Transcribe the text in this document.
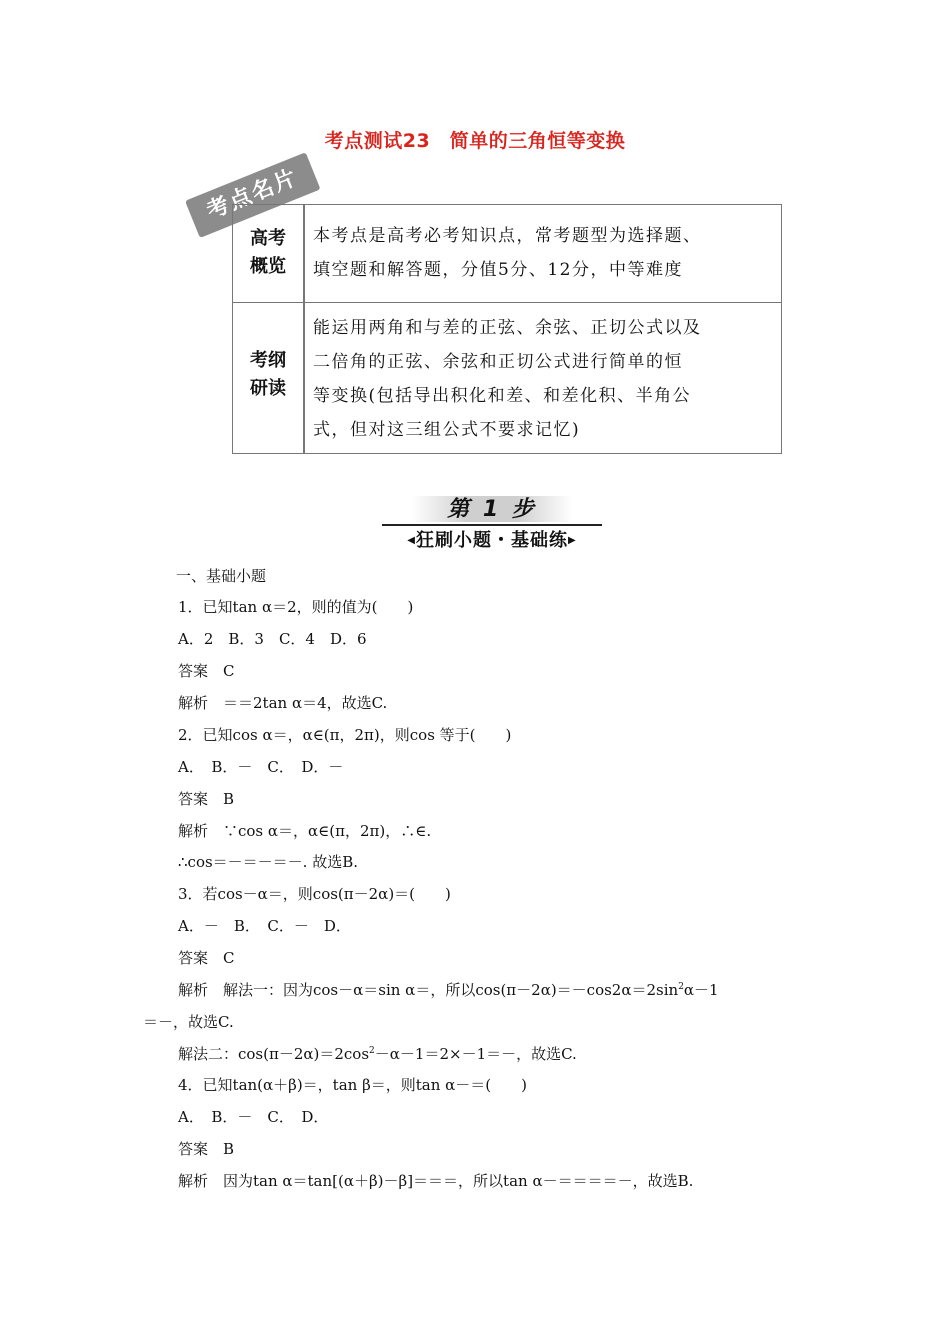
考点测试23　简单的三角恒等变换
考点名片
高考
概览
本考点是高考必考知识点，常考题型为选择题、
填空题和解答题，分值5分、12分，中等难度
考纲
研读
能运用两角和与差的正弦、余弦、正切公式以及
二倍角的正弦、余弦和正切公式进行简单的恒
等变换(包括导出积化和差、和差化积、半角公
式，但对这三组公式不要求记忆)
第 1 步
◀狂刷小题・基础练▶
一、基础小题
1．已知tan α＝2，则的值为(　　)
A．2　B．3　C．4　D．6
答案　C
解析　＝＝2tan α＝4，故选C.
2．已知cos α＝，α∈(π，2π)，则cos 等于(　　)
A．　B．－　C．　D．－
答案　B
解析　∵cos α＝，α∈(π，2π)，∴∈.
∴cos＝－＝－＝－. 故选B.
3．若cos－α＝，则cos(π－2α)＝(　　)
A．－　B．　C．－　D．
答案　C
解析　解法一：因为cos－α＝sin α＝，所以$\cos(\pi-2\alpha)=-\cos 2\alpha=2\sin^2\alpha-1$
＝－，故选C.
解法二：$\cos(\pi-2\alpha)=2\cos^2-\alpha-1=2\times-1=-$，故选C.
4．已知tan(α＋β)＝，tan β＝，则tan α－＝(　　)
A．　B．－　C．　D．
答案　B
解析　因为tan α＝tan[(α＋β)－β]＝＝＝，所以tan α－＝＝＝＝－，故选B.
